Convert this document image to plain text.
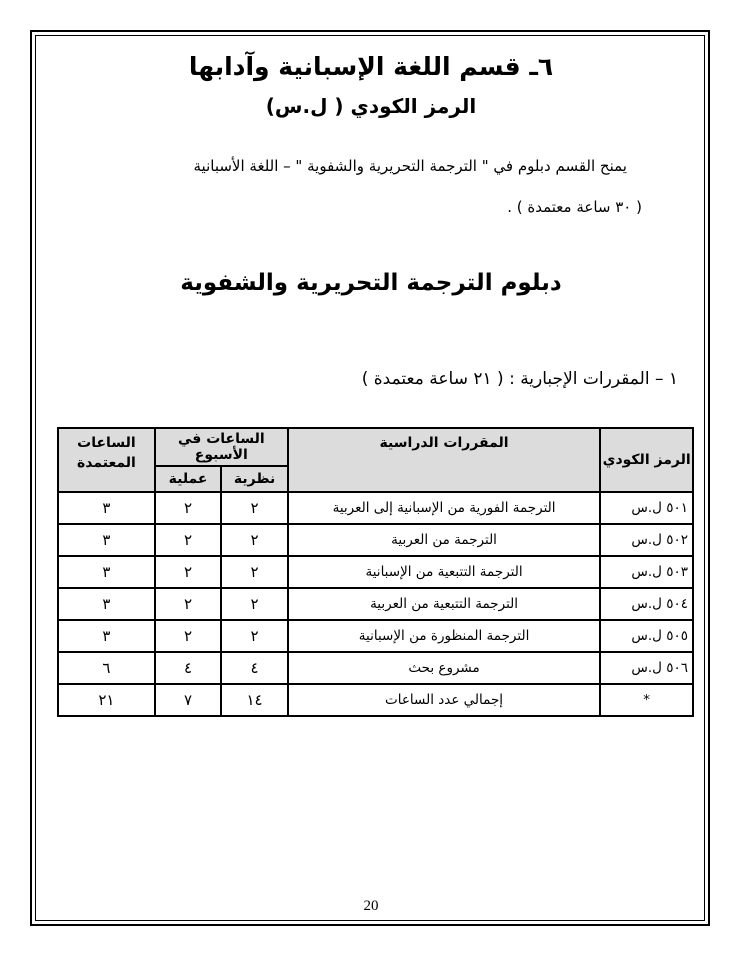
٦ـ قسم اللغة الإسبانية وآدابها
الرمز الكودي ( ل.س)
يمنح القسم دبلوم في " الترجمة التحريرية والشفوية " – اللغة الأسبانية
( ٣٠ ساعة معتمدة ) .
دبلوم الترجمة التحريرية والشفوية
١ – المقررات الإجبارية : ( ٢١ ساعة معتمدة )
الرمز الكودي	المقررات الدراسية	الساعات في الأسبوع		الساعات المعتمدة
		نظرية	عملية	
٥٠١ ل.س	الترجمة الفورية من الإسبانية إلى العربية	٢	٢	٣
٥٠٢ ل.س	الترجمة من العربية	٢	٢	٣
٥٠٣ ل.س	الترجمة التتبعية من الإسبانية	٢	٢	٣
٥٠٤ ل.س	الترجمة التتبعية من العربية	٢	٢	٣
٥٠٥ ل.س	الترجمة المنظورة من الإسبانية	٢	٢	٣
٥٠٦ ل.س	مشروع بحث	٤	٤	٦
*	إجمالي عدد الساعات	١٤	٧	٢١
20
